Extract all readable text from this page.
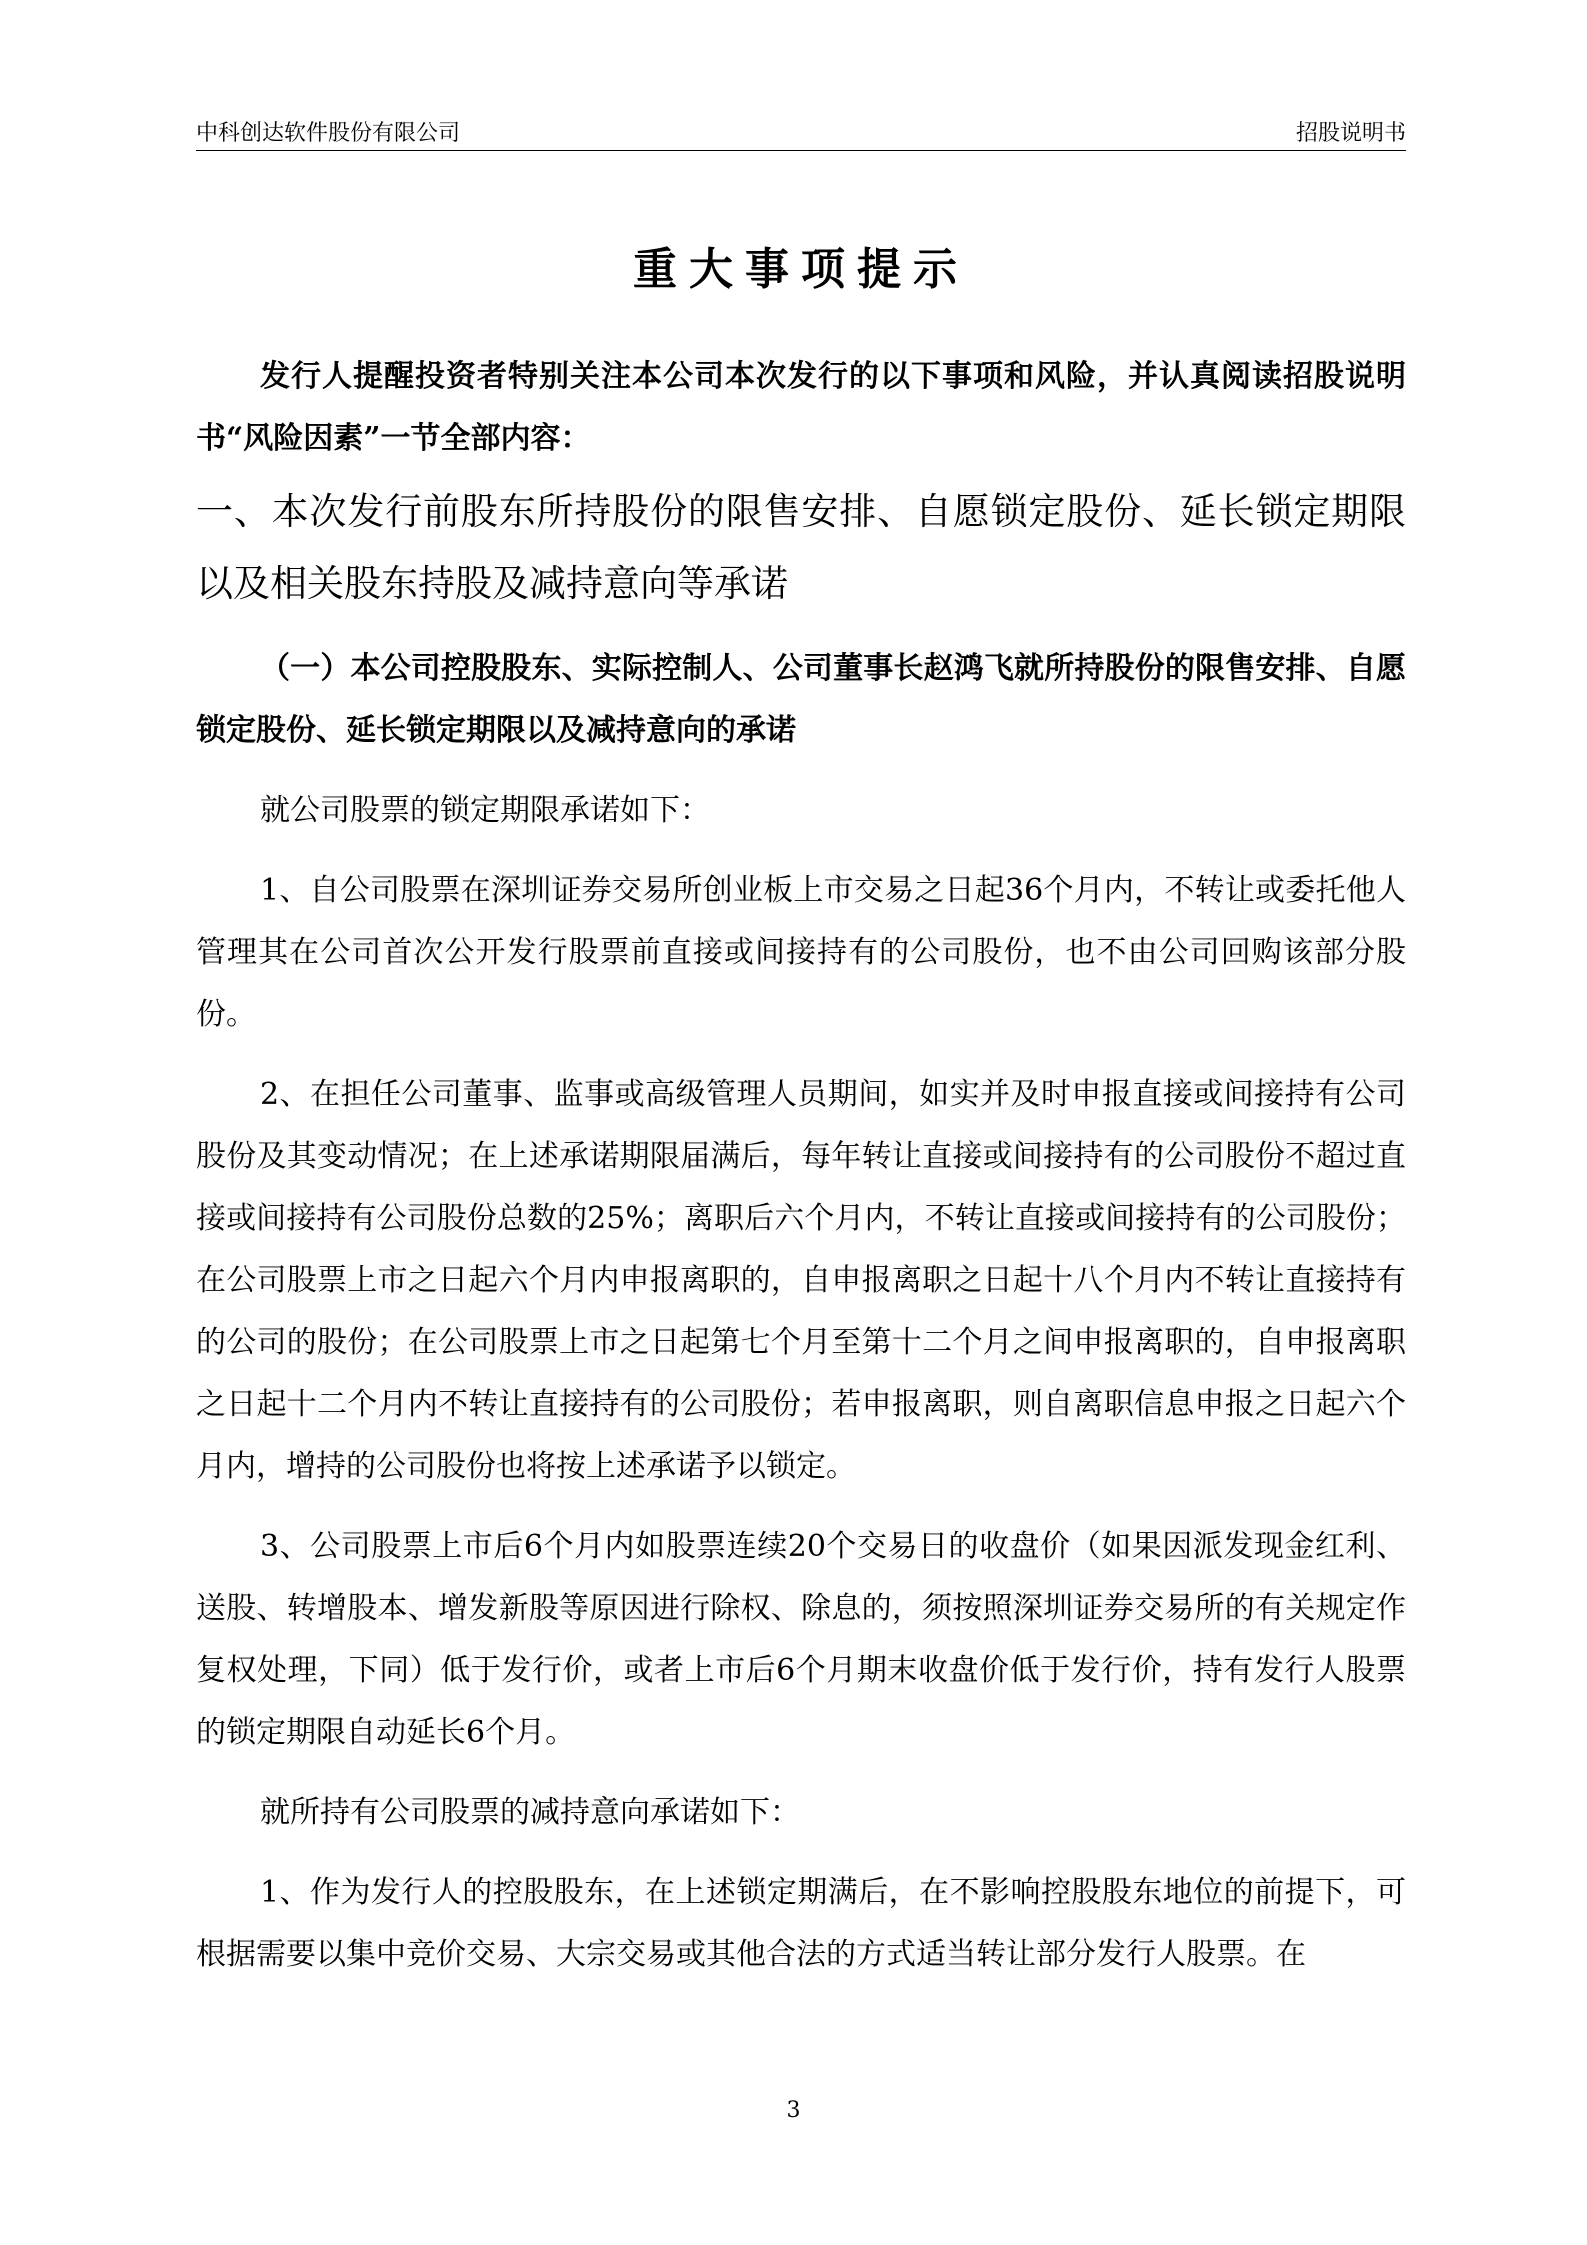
中科创达软件股份有限公司	招股说明书
重大事项提示

发行人提醒投资者特别关注本公司本次发行的以下事项和风险，并认真阅读招股说明书“风险因素”一节全部内容：

一、本次发行前股东所持股份的限售安排、自愿锁定股份、延长锁定期限以及相关股东持股及减持意向等承诺

（一）本公司控股股东、实际控制人、公司董事长赵鸿飞就所持股份的限售安排、自愿锁定股份、延长锁定期限以及减持意向的承诺

就公司股票的锁定期限承诺如下：

1、自公司股票在深圳证券交易所创业板上市交易之日起36个月内，不转让或委托他人管理其在公司首次公开发行股票前直接或间接持有的公司股份，也不由公司回购该部分股份。

2、在担任公司董事、监事或高级管理人员期间，如实并及时申报直接或间接持有公司股份及其变动情况；在上述承诺期限届满后，每年转让直接或间接持有的公司股份不超过直接或间接持有公司股份总数的25%；离职后六个月内，不转让直接或间接持有的公司股份；在公司股票上市之日起六个月内申报离职的，自申报离职之日起十八个月内不转让直接持有的公司的股份；在公司股票上市之日起第七个月至第十二个月之间申报离职的，自申报离职之日起十二个月内不转让直接持有的公司股份；若申报离职，则自离职信息申报之日起六个月内，增持的公司股份也将按上述承诺予以锁定。

3、公司股票上市后6个月内如股票连续20个交易日的收盘价（如果因派发现金红利、送股、转增股本、增发新股等原因进行除权、除息的，须按照深圳证券交易所的有关规定作复权处理，下同）低于发行价，或者上市后6个月期末收盘价低于发行价，持有发行人股票的锁定期限自动延长6个月。

就所持有公司股票的减持意向承诺如下：

1、作为发行人的控股股东，在上述锁定期满后，在不影响控股股东地位的前提下，可根据需要以集中竞价交易、大宗交易或其他合法的方式适当转让部分发行人股票。在

3
